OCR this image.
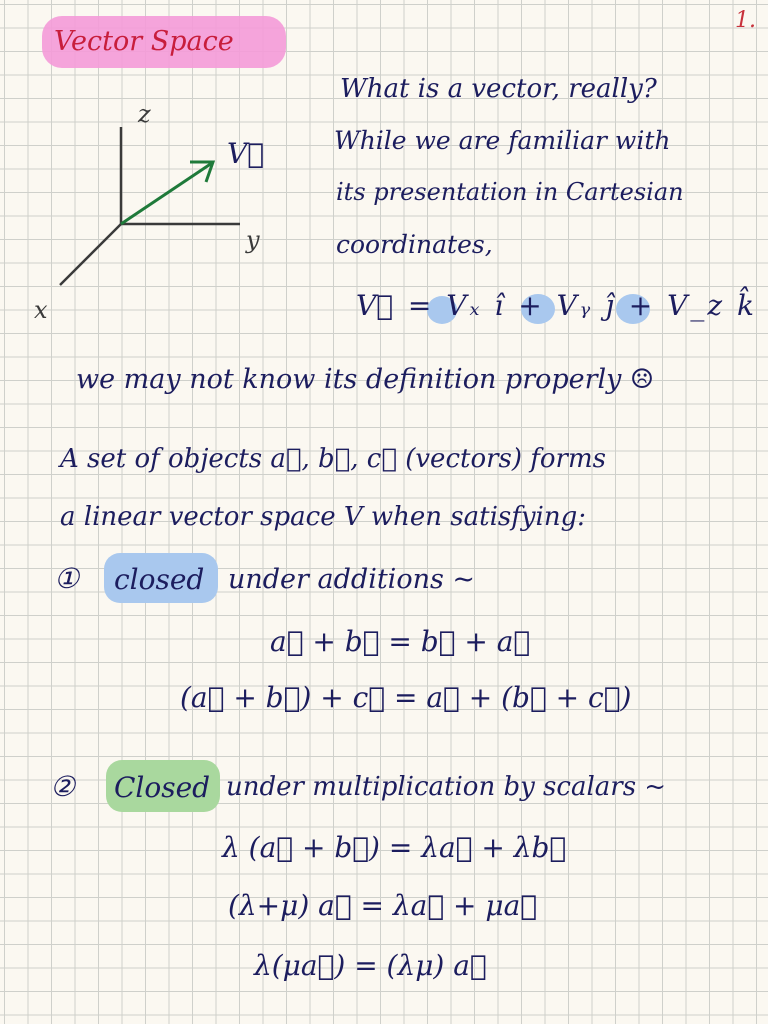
1.
Vector Space
z
y
x
V⃗
What is a vector, really?
While we are familiar with
its presentation in Cartesian
coordinates,
V⃗ = Vₓ î + Vᵧ ĵ + V_z k̂
we may not know its definition properly ☹
A set of objects a⃗, b⃗, c⃗ (vectors) forms
a linear vector space V when satisfying:
① closed under additions ~
a⃗ + b⃗ = b⃗ + a⃗
(a⃗ + b⃗) + c⃗ = a⃗ + (b⃗ + c⃗)
② Closed under multiplication by scalars ~
λ (a⃗ + b⃗) = λa⃗ + λb⃗
(λ+μ) a⃗ = λa⃗ + μa⃗
λ(μa⃗) = (λμ) a⃗
